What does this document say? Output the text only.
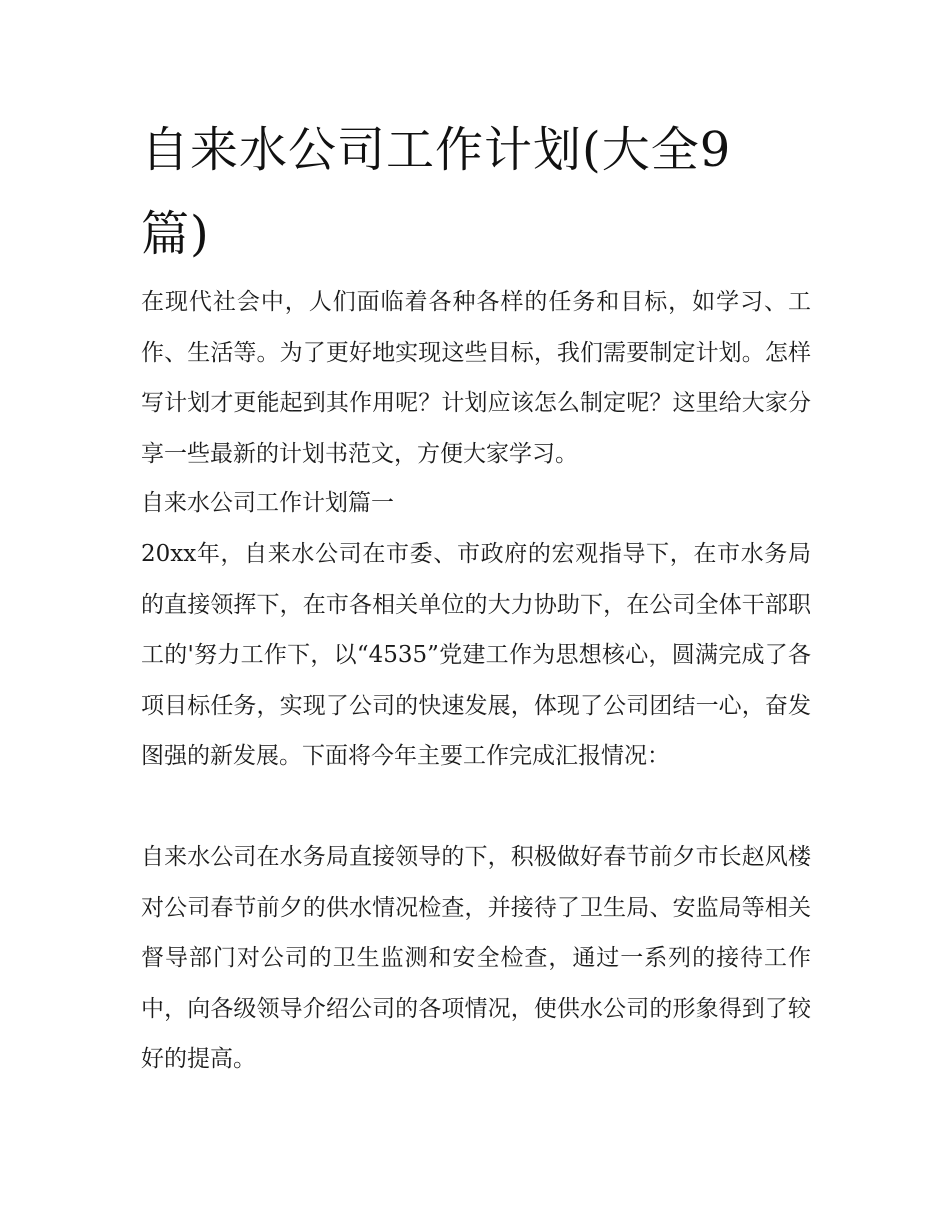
自来水公司工作计划(大全9篇)

在现代社会中，人们面临着各种各样的任务和目标，如学习、工作、生活等。为了更好地实现这些目标，我们需要制定计划。怎样写计划才更能起到其作用呢？计划应该怎么制定呢？这里给大家分享一些最新的计划书范文，方便大家学习。

自来水公司工作计划篇一

20xx年，自来水公司在市委、市政府的宏观指导下，在市水务局的直接领挥下，在市各相关单位的大力协助下，在公司全体干部职工的'努力工作下，以“4535”党建工作为思想核心，圆满完成了各项目标任务，实现了公司的快速发展，体现了公司团结一心，奋发图强的新发展。下面将今年主要工作完成汇报情况：

自来水公司在水务局直接领导的下，积极做好春节前夕市长赵风楼对公司春节前夕的供水情况检查，并接待了卫生局、安监局等相关督导部门对公司的卫生监测和安全检查，通过一系列的接待工作中，向各级领导介绍公司的各项情况，使供水公司的形象得到了较好的提高。
